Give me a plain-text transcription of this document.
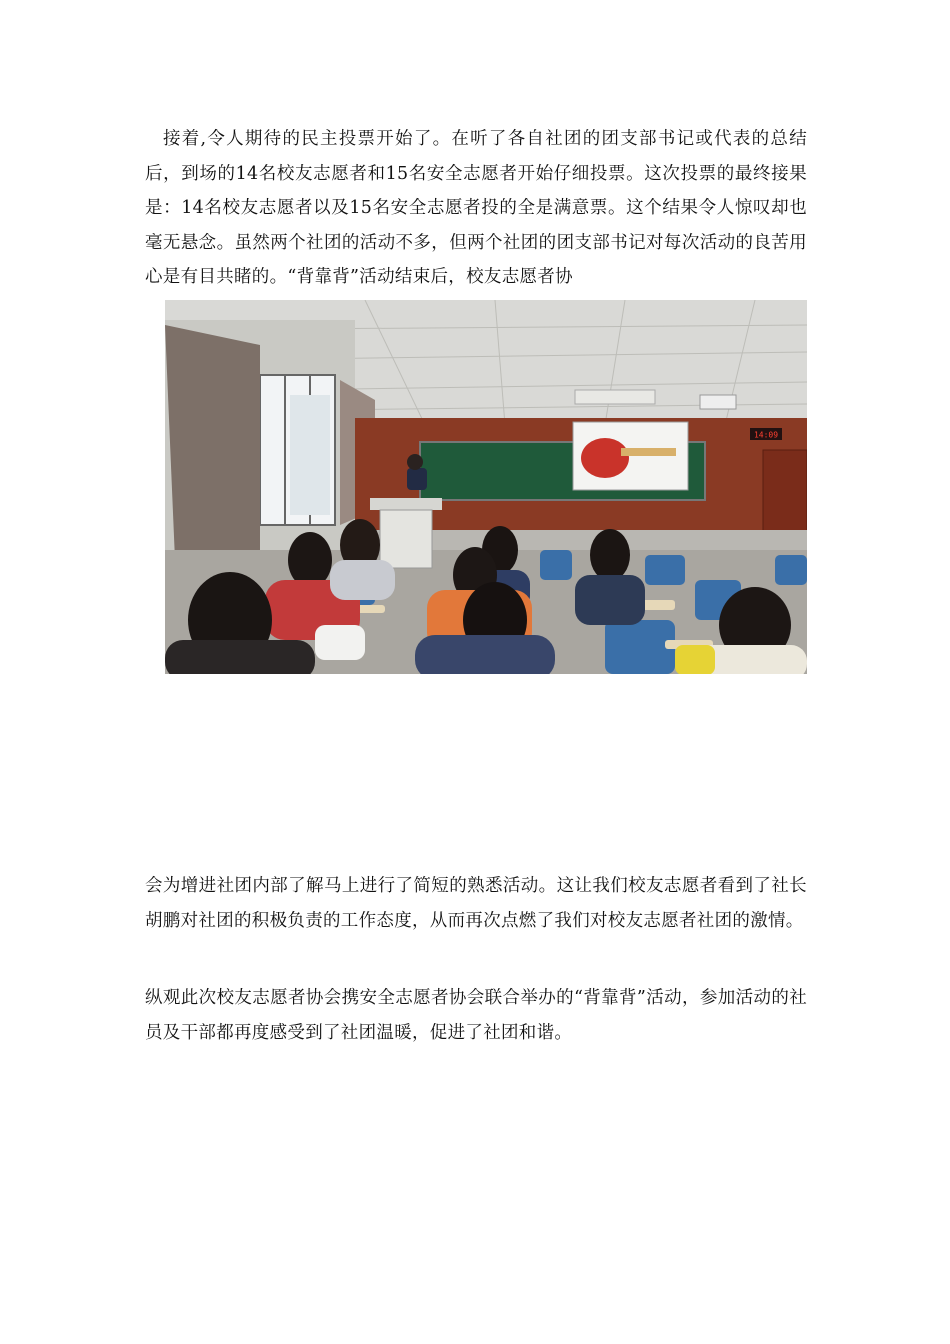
接着,令人期待的民主投票开始了。在听了各自社团的团支部书记或代表的总结后，到场的14名校友志愿者和15名安全志愿者开始仔细投票。这次投票的最终接果是：14名校友志愿者以及15名安全志愿者投的全是满意票。这个结果令人惊叹却也毫无悬念。虽然两个社团的活动不多，但两个社团的团支部书记对每次活动的良苦用心是有目共睹的。“背靠背”活动结束后，校友志愿者协

14:09

会为增进社团内部了解马上进行了简短的熟悉活动。这让我们校友志愿者看到了社长胡鹏对社团的积极负责的工作态度，从而再次点燃了我们对校友志愿者社团的激情。

纵观此次校友志愿者协会携安全志愿者协会联合举办的“背靠背”活动，参加活动的社员及干部都再度感受到了社团温暖，促进了社团和谐。
